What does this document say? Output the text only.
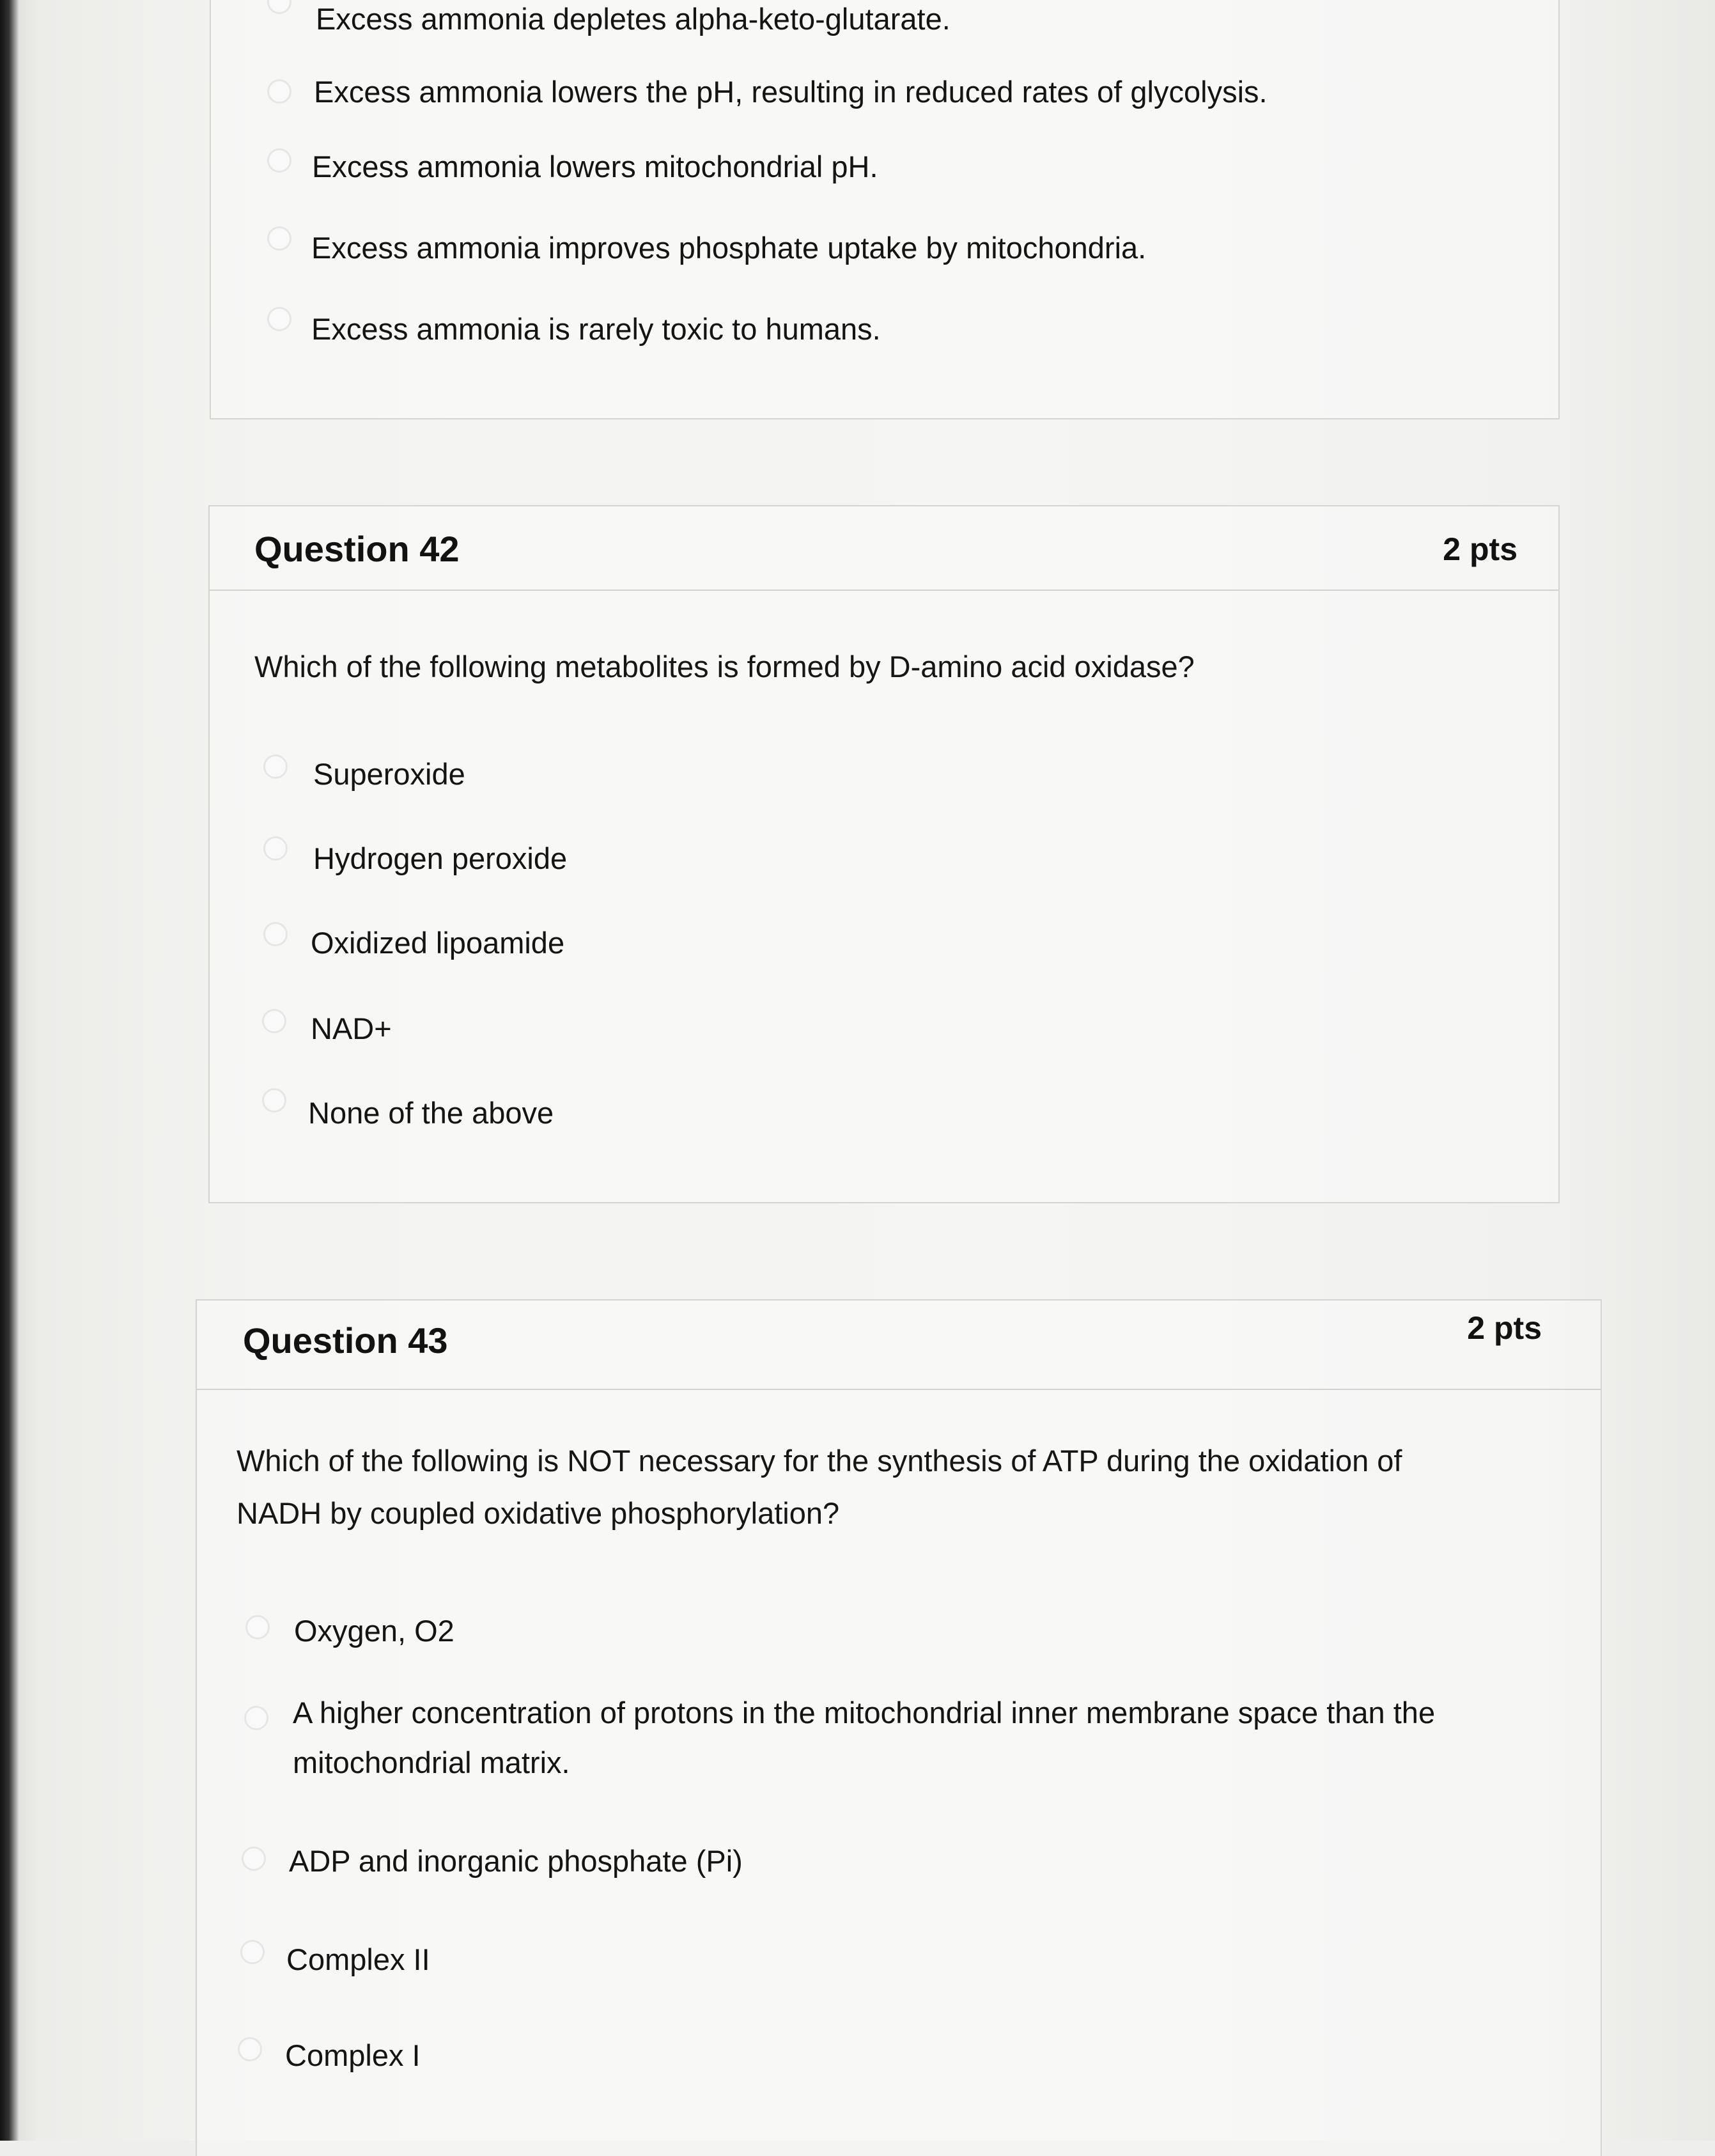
Excess ammonia depletes alpha-keto-glutarate.
Excess ammonia lowers the pH, resulting in reduced rates of glycolysis.
Excess ammonia lowers mitochondrial pH.
Excess ammonia improves phosphate uptake by mitochondria.
Excess ammonia is rarely toxic to humans.
Question 42	2 pts
Which of the following metabolites is formed by D-amino acid oxidase?
Superoxide
Hydrogen peroxide
Oxidized lipoamide
NAD+
None of the above
Question 43	2 pts
Which of the following is NOT necessary for the synthesis of ATP during the oxidation of
NADH by coupled oxidative phosphorylation?
Oxygen, O2
A higher concentration of protons in the mitochondrial inner membrane space than the mitochondrial matrix.
ADP and inorganic phosphate (Pi)
Complex II
Complex I
